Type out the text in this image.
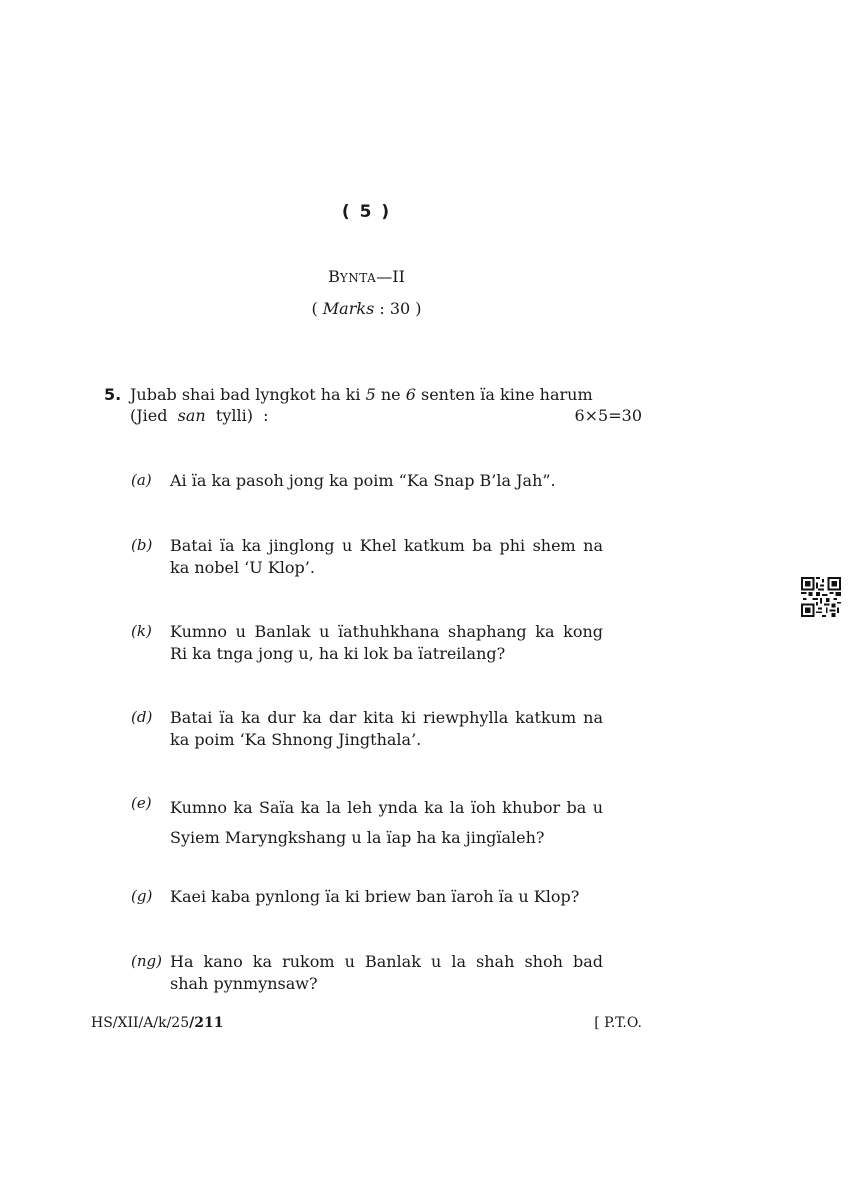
( 5 )
BYNTA—II
( Marks : 30 )
5. Jubab shai bad lyngkot ha ki 5 ne 6 senten ïa kine harum
(Jied  san  tylli)  :	6×5=30
(a) Ai ïa ka pasoh jong ka poim “Ka Snap B’la Jah”.
(b) Batai ïa ka jinglong u Khel katkum ba phi shem na
ka nobel ‘U Klop’.
(k) Kumno u Banlak u ïathuhkhana shaphang ka kong
Ri ka tnga jong u, ha ki lok ba ïatreilang?
(d) Batai ïa ka dur ka dar kita ki riewphylla katkum na
ka poim ‘Ka Shnong Jingthala’.
(e) Kumno ka Saïa ka la leh ynda ka la ïoh khubor ba u
Syiem Maryngkshang u la ïap ha ka jingïaleh?
(g) Kaei kaba pynlong ïa ki briew ban ïaroh ïa u Klop?
(ng) Ha kano ka rukom u Banlak u la shah shoh bad
shah pynmynsaw?
HS/XII/A/k/25/211	[ P.T.O.
